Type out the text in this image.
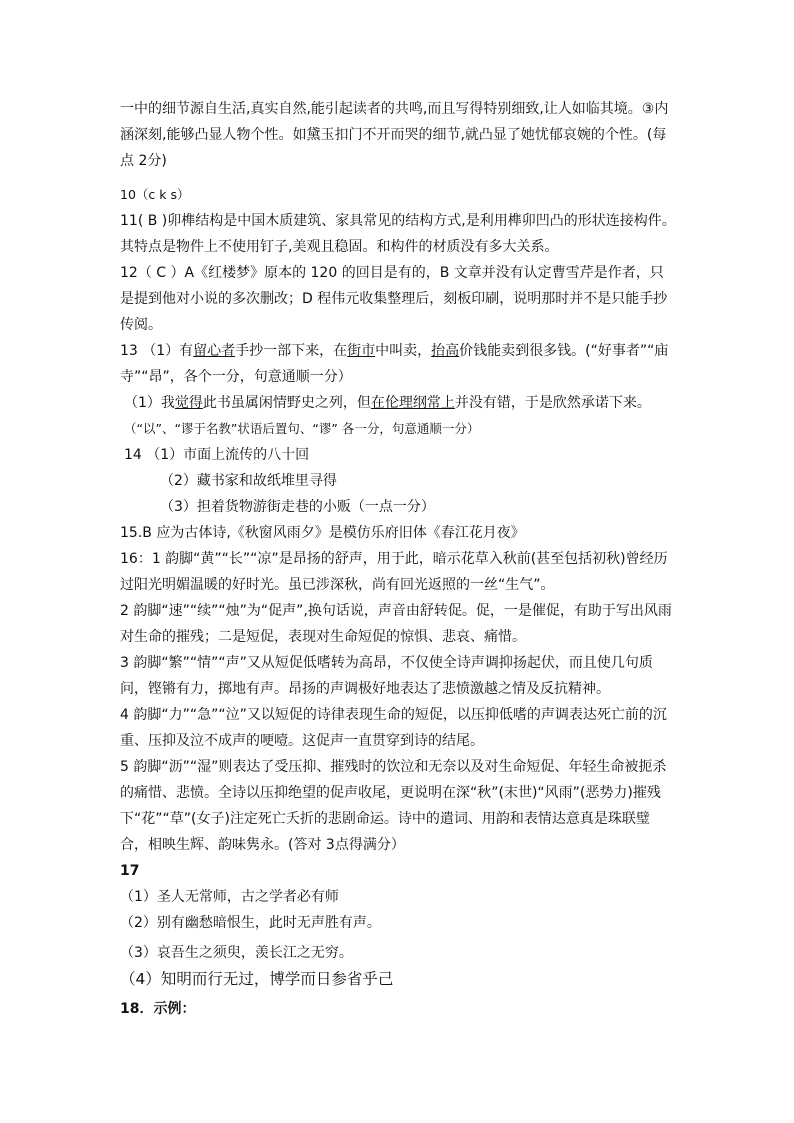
一中的细节源自生活,真实自然,能引起读者的共鸣,而且写得特别细致,让人如临其境。③内涵深刻,能够凸显人物个性。如黛玉扣门不开而哭的细节,就凸显了她忧郁哀婉的个性。(每点 2分)

10（c k s）

11( B )卯榫结构是中国木质建筑、家具常见的结构方式,是利用榫卯凹凸的形状连接构件。其特点是物件上不使用钉子,美观且稳固。和构件的材质没有多大关系。

12（ C ）A《红楼梦》原本的 120 的回目是有的，B 文章并没有认定曹雪芹是作者，只是提到他对小说的多次删改；D 程伟元收集整理后，刻板印刷，说明那时并不是只能手抄传阅。

13 （1）有留心者手抄一部下来，在街市中叫卖，抬高价钱能卖到很多钱。(“好事者”“庙寺”“昂”，各个一分，句意通顺一分）

（1）我觉得此书虽属闲情野史之列，但在伦理纲常上并没有错，于是欣然承诺下来。

（“以”、“谬于名教”状语后置句、“谬” 各一分，句意通顺一分）

14 （1）市面上流传的八十回

（2）藏书家和故纸堆里寻得

（3）担着货物游街走巷的小贩（一点一分）

15.B 应为古体诗,《秋窗风雨夕》是模仿乐府旧体《春江花月夜》

16：1 韵脚“黄”“长”“凉”是昂扬的舒声，用于此，暗示花草入秋前(甚至包括初秋)曾经历过阳光明媚温暖的好时光。虽已涉深秋，尚有回光返照的一丝“生气”。

2 韵脚“速”“续”“烛”为“促声”,换句话说，声音由舒转促。促，一是催促，有助于写出风雨对生命的摧残；二是短促，表现对生命短促的惊惧、悲哀、痛惜。

3 韵脚“繁”“情”“声”又从短促低嗜转为高昂，不仅使全诗声调抑扬起伏，而且使几句质问，铿锵有力，掷地有声。昂扬的声调极好地表达了悲愤激越之情及反抗精神。

4 韵脚“力”“急”“泣”又以短促的诗律表现生命的短促，以压抑低嗜的声调表达死亡前的沉重、压抑及泣不成声的哽噎。这促声一直贯穿到诗的结尾。

5 韵脚“沥”“湿”则表达了受压抑、摧残时的饮泣和无奈以及对生命短促、年轻生命被扼杀的痛惜、悲愤。全诗以压抑绝望的促声收尾，更说明在深“秋”(末世)“风雨”(恶势力)摧残下“花”“草”(女子)注定死亡夭折的悲剧命运。诗中的遣词、用韵和表情达意真是珠联璧合，相映生辉、韵味隽永。(答对 3点得满分）

17

（1）圣人无常师，古之学者必有师

（2）别有幽愁暗恨生，此时无声胜有声。

（3）哀吾生之须臾，羡长江之无穷。

（4）知明而行无过，博学而日参省乎己

18．示例：
